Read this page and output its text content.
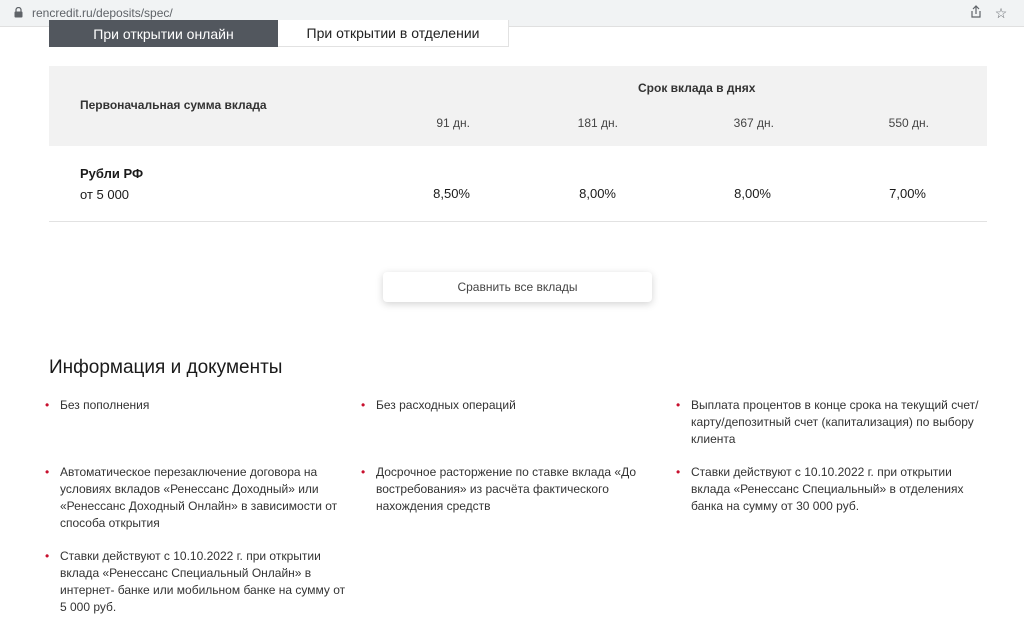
rencredit.ru/deposits/spec/	☆
При открытии онлайн	При открытии в отделении
Первоначальная сумма вклада
Срок вклада в днях
91 дн.	181 дн.	367 дн.	550 дн.
Рубли РФ
от 5 000	8,50%	8,00%	8,00%	7,00%
Сравнить все вклады
Информация и документы
• Без пополнения	• Без расходных операций	• Выплата процентов в конце срока на текущий счет/карту/депозитный счет (капитализация) по выбору клиента
• Автоматическое перезаключение договора на условиях вкладов «Ренессанс Доходный» или «Ренессанс Доходный Онлайн» в зависимости от способа открытия
• Досрочное расторжение по ставке вклада «До востребования» из расчёта фактического нахождения средств
• Ставки действуют с 10.10.2022 г. при открытии вклада «Ренессанс Специальный» в отделениях банка на сумму от 30 000 руб.
• Ставки действуют с 10.10.2022 г. при открытии вклада «Ренессанс Специальный Онлайн» в интернет- банке или мобильном банке на сумму от 5 000 руб.
